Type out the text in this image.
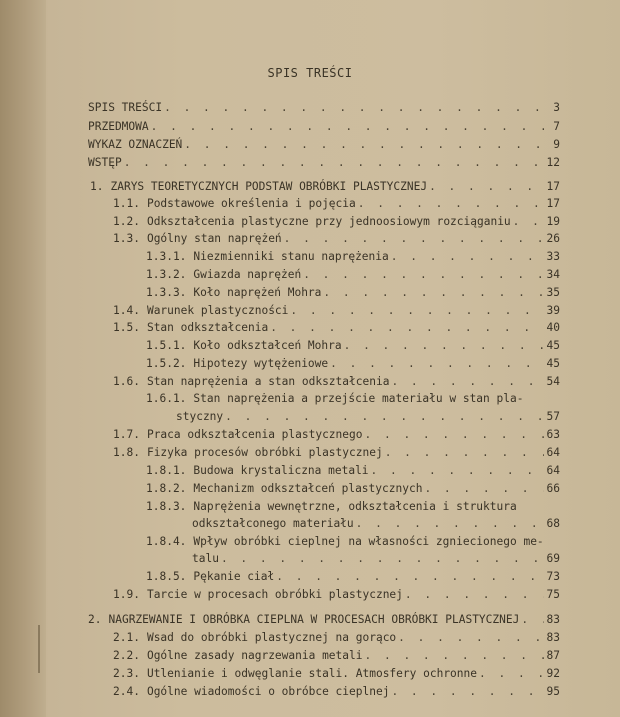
SPIS TREŚCI
SPIS TREŚCI . . .	3
PRZEDMOWA . . .	7
WYKAZ OZNACZEŃ . . .	9
WSTĘP . . .	12
1. ZARYS TEORETYCZNYCH PODSTAW OBRÓBKI PLASTYCZNEJ . . .	17
1.1. Podstawowe określenia i pojęcia . . .	17
1.2. Odkształcenia plastyczne przy jednoosiowym rozciąganiu . . .	19
1.3. Ogólny stan naprężeń . . .	26
1.3.1. Niezmienniki stanu naprężenia . . .	33
1.3.2. Gwiazda naprężeń . . .	34
1.3.3. Koło naprężeń Mohra . . .	35
1.4. Warunek plastyczności . . .	39
1.5. Stan odkształcenia . . .	40
1.5.1. Koło odkształceń Mohra . . .	45
1.5.2. Hipotezy wytężeniowe . . .	45
1.6. Stan naprężenia a stan odkształcenia . . .	54
1.6.1. Stan naprężenia a przejście materiału w stan pla-
styczny . . .	57
1.7. Praca odkształcenia plastycznego . . .	63
1.8. Fizyka procesów obróbki plastycznej . . .	64
1.8.1. Budowa krystaliczna metali . . .	64
1.8.2. Mechanizm odkształceń plastycznych . . .	66
1.8.3. Naprężenia wewnętrzne, odkształcenia i struktura
odkształconego materiału . . .	68
1.8.4. Wpływ obróbki cieplnej na własności zgniecionego me-
talu . . .	69
1.8.5. Pękanie ciał . . .	73
1.9. Tarcie w procesach obróbki plastycznej . . .	75
2. NAGRZEWANIE I OBRÓBKA CIEPLNA W PROCESACH OBRÓBKI PLASTYCZNEJ . . . 83
2.1. Wsad do obróbki plastycznej na gorąco . . .	83
2.2. Ogólne zasady nagrzewania metali . . .	87
2.3. Utlenianie i odwęglanie stali. Atmosfery ochronne . . .	92
2.4. Ogólne wiadomości o obróbce cieplnej . . .	95
